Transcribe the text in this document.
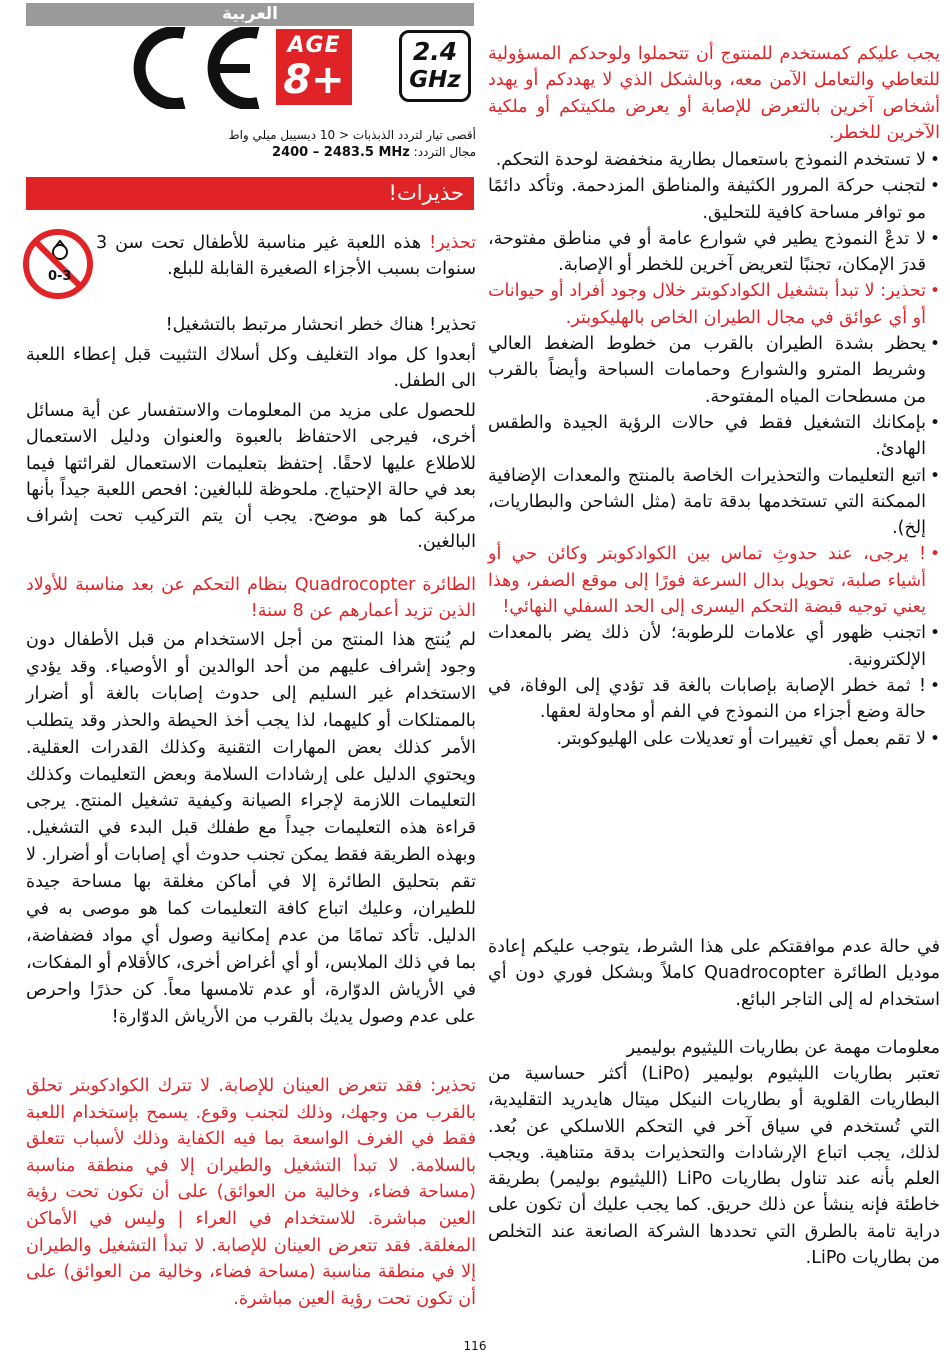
العربية
AGE
8+
2.4
GHz
أقصى تيار لتردد الذبذبات < 10 ديسيبل ميلي واط
مجال التردد: 2400 – 2483.5 MHz
حذيرات!
0-3
تحذير! هذه اللعبة غير مناسبة للأطفال تحت سن 3 سنوات بسبب الأجزاء الصغيرة القابلة للبلع.
تحذير! هناك خطر انحشار مرتبط بالتشغيل!
أبعدوا كل مواد التغليف وكل أسلاك التثبيت قبل إعطاء اللعبة الى الطفل.
للحصول على مزيد من المعلومات والاستفسار عن أية مسائل أخرى، فيرجى الاحتفاظ بالعبوة والعنوان ودليل الاستعمال للاطلاع عليها لاحقًا. إحتفظ بتعليمات الاستعمال لقرائتها فيما بعد في حالة الإحتياج. ملحوظة للبالغين: افحص اللعبة جيداً بأنها مركبة كما هو موضح. يجب أن يتم التركيب تحت إشراف البالغين.
الطائرة Quadrocopter بنظام التحكم عن بعد مناسبة للأولاد الذين تزيد أعمارهم عن 8 سنة!
لم يُنتج هذا المنتج من أجل الاستخدام من قبل الأطفال دون وجود إشراف عليهم من أحد الوالدين أو الأوصياء. وقد يؤدي الاستخدام غير السليم إلى حدوث إصابات بالغة أو أضرار بالممتلكات أو كليهما، لذا يجب أخذ الحيطة والحذر وقد يتطلب الأمر كذلك بعض المهارات التقنية وكذلك القدرات العقلية. ويحتوي الدليل على إرشادات السلامة وبعض التعليمات وكذلك التعليمات اللازمة لإجراء الصيانة وكيفية تشغيل المنتج. يرجى قراءة هذه التعليمات جيداً مع طفلك قبل البدء في التشغيل. وبهذه الطريقة فقط يمكن تجنب حدوث أي إصابات أو أضرار. لا تقم بتحليق الطائرة إلا في أماكن مغلقة بها مساحة جيدة للطيران، وعليك اتباع كافة التعليمات كما هو موصى به في الدليل. تأكد تمامًا من عدم إمكانية وصول أي مواد فضفاضة، بما في ذلك الملابس، أو أي أغراض أخرى، كالأقلام أو المفكات، في الأرياش الدوّارة، أو عدم تلامسها معاً. كن حذرًا واحرص على عدم وصول يديك بالقرب من الأرياش الدوّارة!
تحذير: فقد تتعرض العينان للإصابة. لا تترك الكوادكوبتر تحلق بالقرب من وجهك، وذلك لتجنب وقوع. يسمح بإستخدام اللعبة فقط في الغرف الواسعة بما فيه الكفاية وذلك لأسباب تتعلق بالسلامة. لا تبدأ التشغيل والطيران إلا في منطقة مناسبة (مساحة فضاء، وخالية من العوائق) على أن تكون تحت رؤية العين مباشرة. للاستخدام في العراء | وليس في الأماكن المغلقة. فقد تتعرض العينان للإصابة. لا تبدأ التشغيل والطيران إلا في منطقة مناسبة (مساحة فضاء، وخالية من العوائق) على أن تكون تحت رؤية العين مباشرة.
يجب عليكم كمستخدم للمنتوج أن تتحملوا ولوحدكم المسؤولية للتعاطي والتعامل الآمن معه، وبالشكل الذي لا يهددكم أو يهدد أشخاص آخرين بالتعرض للإصابة أو يعرض ملكيتكم أو ملكية الآخرين للخطر.
•
لا تستخدم النموذج باستعمال بطارية منخفضة لوحدة التحكم.
•
لتجنب حركة المرور الكثيفة والمناطق المزدحمة. وتأكد دائمًا مو توافر مساحة كافية للتحليق.
•
لا تدعْ النموذج يطير في شوارع عامة أو في مناطق مفتوحة، قدرَ الإمكان، تجنبًا لتعريض آخرين للخطر أو الإصابة.
•
تحذير: لا تبدأ بتشغيل الكوادكوبتر خلال وجود أفراد أو حيوانات أو أي عوائق في مجال الطيران الخاص بالهليكوبتر.
•
يحظر بشدة الطيران بالقرب من خطوط الضغط العالي وشريط المترو والشوارع وحمامات السباحة وأيضاً بالقرب من مسطحات المياه المفتوحة.
•
بإمكانك التشغيل فقط في حالات الرؤية الجيدة والطقس الهادئ.
•
اتبع التعليمات والتحذيرات الخاصة بالمنتج والمعدات الإضافية الممكنة التي تستخدمها بدقة تامة (مثل الشاحن والبطاريات، إلخ).
•
! يرجى، عند حدوثِ تماس بين الكوادكوبتر وكائن حي أو أشياء صلبة، تحويل بدال السرعة فورًا إلى موقع الصفر، وهذا يعني توجيه قبضة التحكم اليسرى إلى الحد السفلي النهائي!
•
اتجنب ظهور أي علامات للرطوبة؛ لأن ذلك يضر بالمعدات الإلكترونية.
•
! ثمة خطر الإصابة بإصابات بالغة قد تؤدي إلى الوفاة، في حالة وضع أجزاء من النموذج في الفم أو محاولة لعقها.
•
لا تقم بعمل أي تغييرات أو تعديلات على الهليوكوبتر.
في حالة عدم موافقتكم على هذا الشرط، يتوجب عليكم إعادة موديل الطائرة Quadrocopter كاملاً وبشكل فوري دون أي استخدام له إلى التاجر البائع.
معلومات مهمة عن بطاريات الليثيوم بوليمير
تعتبر بطاريات الليثيوم بوليمير (LiPo) أكثر حساسية من البطاريات القلوية أو بطاريات النيكل ميتال هايدريد التقليدية، التي تُستخدم في سياق آخر في التحكم اللاسلكي عن بُعد. لذلك، يجب اتباع الإرشادات والتحذيرات بدقة متناهية. ويجب العلم بأنه عند تناول بطاريات LiPo (الليثيوم بوليمر) بطريقة خاطئة فإنه ينشأ عن ذلك حريق. كما يجب عليك أن تكون على دراية تامة بالطرق التي تحددها الشركة الصانعة عند التخلص من بطاريات LiPo.
116
